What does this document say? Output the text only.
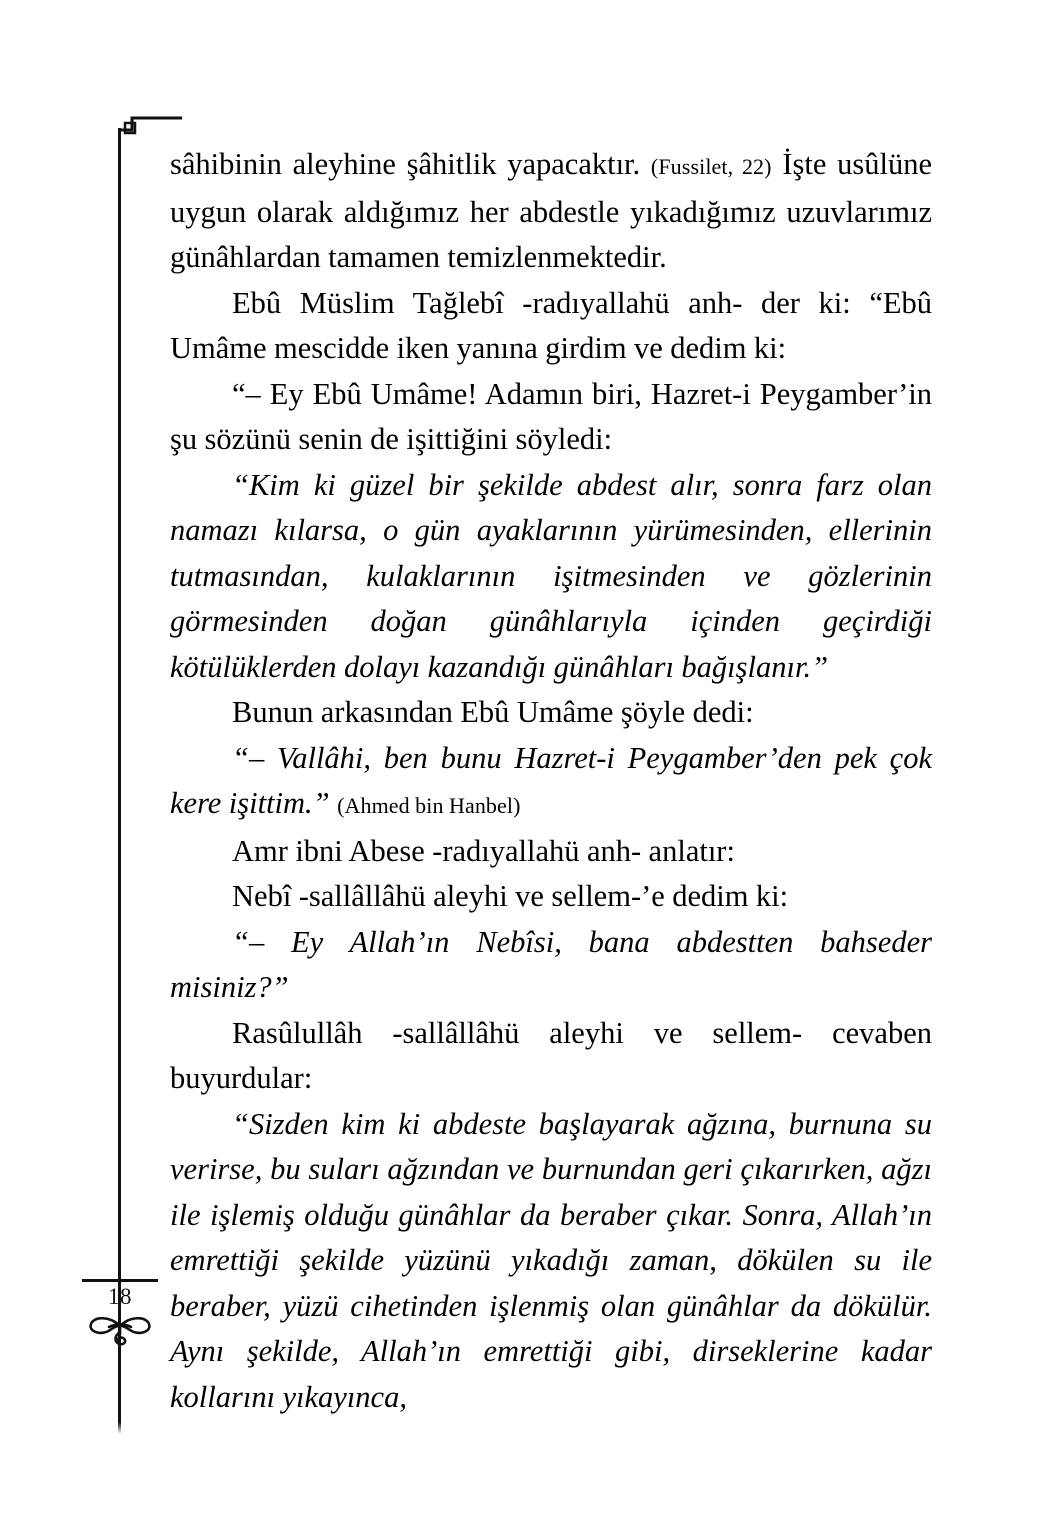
18

sâhibinin aleyhine şâhitlik yapacaktır. (Fussilet, 22) İşte usûlüne uygun olarak aldığımız her abdestle yıkadığımız uzuvlarımız günâhlardan tamamen temizlenmektedir.

Ebû Müslim Tağlebî -radıyallahü anh- der ki: “Ebû Umâme mescidde iken yanına girdim ve dedim ki:

“– Ey Ebû Umâme! Adamın biri, Hazret-i Peygamber’in şu sözünü senin de işittiğini söyledi:

“Kim ki güzel bir şekilde abdest alır, sonra farz olan namazı kılarsa, o gün ayaklarının yürümesinden, ellerinin tutmasından, kulaklarının işitmesinden ve gözlerinin görmesinden doğan günâhlarıyla içinden geçirdiği kötülüklerden dolayı kazandığı günâhları bağışlanır.”

Bunun arkasından Ebû Umâme şöyle dedi:

“– Vallâhi, ben bunu Hazret-i Peygamber’den pek çok kere işittim.” (Ahmed bin Hanbel)

Amr ibni Abese -radıyallahü anh- anlatır:

Nebî -sallâllâhü aleyhi ve sellem-’e dedim ki:

“– Ey Allah’ın Nebîsi, bana abdestten bahseder misiniz?”

Rasûlullâh -sallâllâhü aleyhi ve sellem- cevaben buyurdular:

“Sizden kim ki abdeste başlayarak ağzına, burnuna su verirse, bu suları ağzından ve burnundan geri çıkarırken, ağzı ile işlemiş olduğu günâhlar da beraber çıkar. Sonra, Allah’ın emrettiği şekilde yüzünü yıkadığı zaman, dökülen su ile beraber, yüzü cihetinden işlenmiş olan günâhlar da dökülür. Aynı şekilde, Allah’ın emrettiği gibi, dirseklerine kadar kollarını yıkayınca,
